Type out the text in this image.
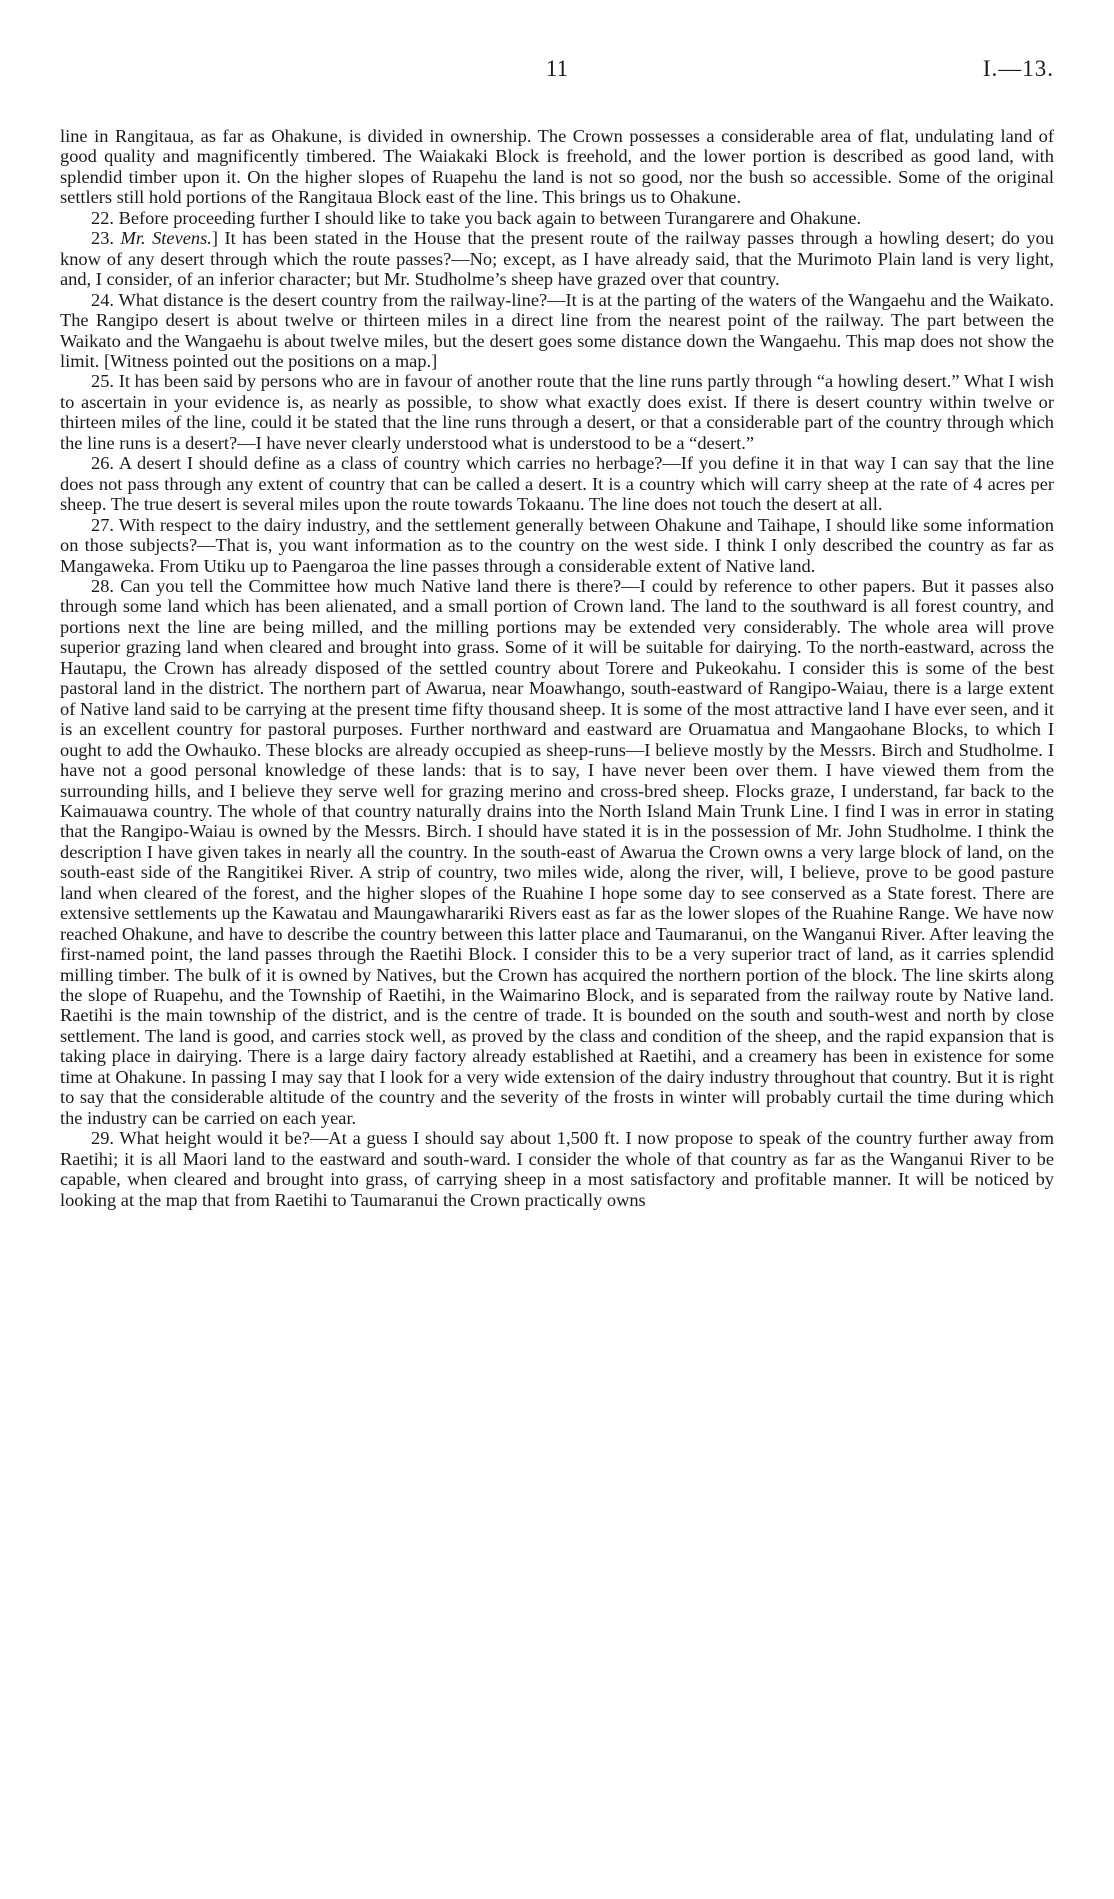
11	I.—13.

line in Rangitaua, as far as Ohakune, is divided in ownership. The Crown possesses a considerable area of flat, undulating land of good quality and magnificently timbered. The Waiakaki Block is freehold, and the lower portion is described as good land, with splendid timber upon it. On the higher slopes of Ruapehu the land is not so good, nor the bush so accessible. Some of the original settlers still hold portions of the Rangitaua Block east of the line. This brings us to Ohakune.

22. Before proceeding further I should like to take you back again to between Turangarere and Ohakune.

23. Mr. Stevens.] It has been stated in the House that the present route of the railway passes through a howling desert; do you know of any desert through which the route passes?—No; except, as I have already said, that the Murimoto Plain land is very light, and, I consider, of an inferior character; but Mr. Studholme’s sheep have grazed over that country.

24. What distance is the desert country from the railway-line?—It is at the parting of the waters of the Wangaehu and the Waikato. The Rangipo desert is about twelve or thirteen miles in a direct line from the nearest point of the railway. The part between the Waikato and the Wangaehu is about twelve miles, but the desert goes some distance down the Wangaehu. This map does not show the limit. [Witness pointed out the positions on a map.]

25. It has been said by persons who are in favour of another route that the line runs partly through “a howling desert.” What I wish to ascertain in your evidence is, as nearly as possible, to show what exactly does exist. If there is desert country within twelve or thirteen miles of the line, could it be stated that the line runs through a desert, or that a considerable part of the country through which the line runs is a desert?—I have never clearly understood what is understood to be a “desert.”

26. A desert I should define as a class of country which carries no herbage?—If you define it in that way I can say that the line does not pass through any extent of country that can be called a desert. It is a country which will carry sheep at the rate of 4 acres per sheep. The true desert is several miles upon the route towards Tokaanu. The line does not touch the desert at all.

27. With respect to the dairy industry, and the settlement generally between Ohakune and Taihape, I should like some information on those subjects?—That is, you want information as to the country on the west side. I think I only described the country as far as Mangaweka. From Utiku up to Paengaroa the line passes through a considerable extent of Native land.

28. Can you tell the Committee how much Native land there is there?—I could by reference to other papers. But it passes also through some land which has been alienated, and a small portion of Crown land. The land to the southward is all forest country, and portions next the line are being milled, and the milling portions may be extended very considerably. The whole area will prove superior grazing land when cleared and brought into grass. Some of it will be suitable for dairying. To the north-eastward, across the Hautapu, the Crown has already disposed of the settled country about Torere and Pukeokahu. I consider this is some of the best pastoral land in the district. The northern part of Awarua, near Moawhango, south-eastward of Rangipo-Waiau, there is a large extent of Native land said to be carrying at the present time fifty thousand sheep. It is some of the most attractive land I have ever seen, and it is an excellent country for pastoral purposes. Further northward and eastward are Oruamatua and Mangaohane Blocks, to which I ought to add the Owhauko. These blocks are already occupied as sheep-runs—I believe mostly by the Messrs. Birch and Studholme. I have not a good personal knowledge of these lands: that is to say, I have never been over them. I have viewed them from the surrounding hills, and I believe they serve well for grazing merino and cross-bred sheep. Flocks graze, I understand, far back to the Kaimauawa country. The whole of that country naturally drains into the North Island Main Trunk Line. I find I was in error in stating that the Rangipo-Waiau is owned by the Messrs. Birch. I should have stated it is in the possession of Mr. John Studholme. I think the description I have given takes in nearly all the country. In the south-east of Awarua the Crown owns a very large block of land, on the south-east side of the Rangitikei River. A strip of country, two miles wide, along the river, will, I believe, prove to be good pasture land when cleared of the forest, and the higher slopes of the Ruahine I hope some day to see conserved as a State forest. There are extensive settlements up the Kawatau and Maungawharariki Rivers east as far as the lower slopes of the Ruahine Range. We have now reached Ohakune, and have to describe the country between this latter place and Taumaranui, on the Wanganui River. After leaving the first-named point, the land passes through the Raetihi Block. I consider this to be a very superior tract of land, as it carries splendid milling timber. The bulk of it is owned by Natives, but the Crown has acquired the northern portion of the block. The line skirts along the slope of Ruapehu, and the Township of Raetihi, in the Waimarino Block, and is separated from the railway route by Native land. Raetihi is the main township of the district, and is the centre of trade. It is bounded on the south and south-west and north by close settlement. The land is good, and carries stock well, as proved by the class and condition of the sheep, and the rapid expansion that is taking place in dairying. There is a large dairy factory already established at Raetihi, and a creamery has been in existence for some time at Ohakune. In passing I may say that I look for a very wide extension of the dairy industry throughout that country. But it is right to say that the considerable altitude of the country and the severity of the frosts in winter will probably curtail the time during which the industry can be carried on each year.

29. What height would it be?—At a guess I should say about 1,500 ft. I now propose to speak of the country further away from Raetihi; it is all Maori land to the eastward and south-ward. I consider the whole of that country as far as the Wanganui River to be capable, when cleared and brought into grass, of carrying sheep in a most satisfactory and profitable manner. It will be noticed by looking at the map that from Raetihi to Taumaranui the Crown practically owns
